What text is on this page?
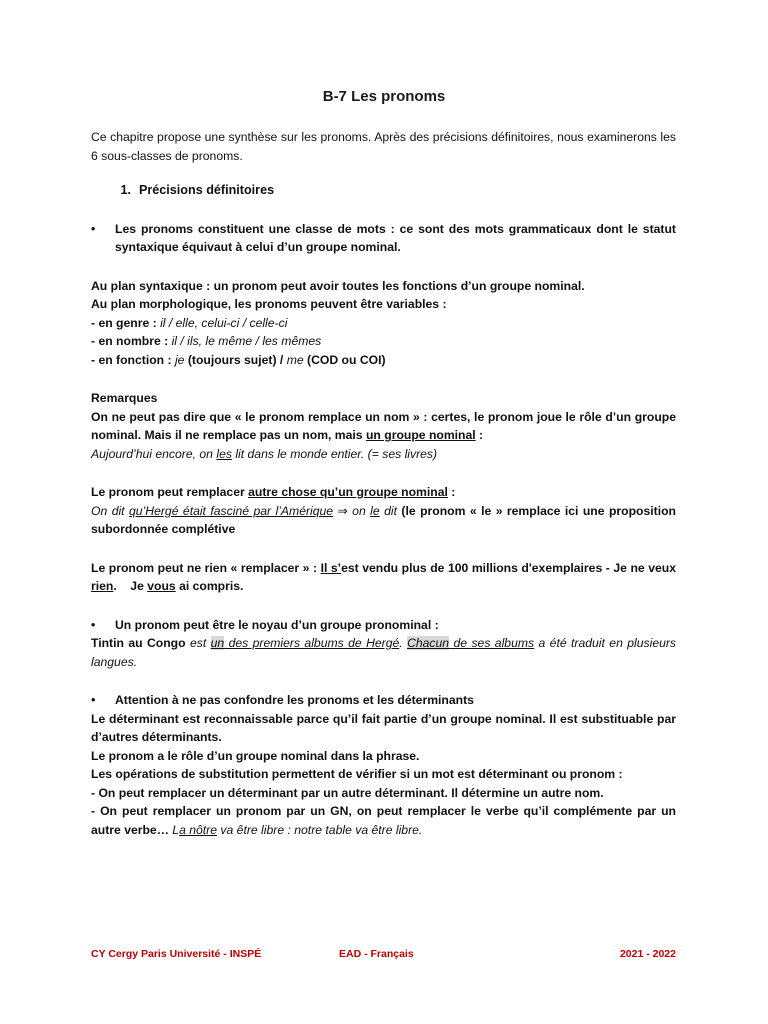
B-7 Les pronoms

Ce chapitre propose une synthèse sur les pronoms. Après des précisions définitoires, nous examinerons les 6 sous-classes de pronoms.

1. Précisions définitoires
•	Les pronoms constituent une classe de mots : ce sont des mots grammaticaux dont le statut syntaxique équivaut à celui d’un groupe nominal.

Au plan syntaxique : un pronom peut avoir toutes les fonctions d’un groupe nominal.

Au plan morphologique, les pronoms peuvent être variables :

- en genre : il / elle, celui-ci / celle-ci

- en nombre : il / ils, le même / les mêmes

- en fonction : je (toujours sujet) / me (COD ou COI)

Remarques

On ne peut pas dire que « le pronom remplace un nom » : certes, le pronom joue le rôle d’un groupe nominal. Mais il ne remplace pas un nom, mais un groupe nominal :

Aujourd’hui encore, on les lit dans le monde entier. (= ses livres)

Le pronom peut remplacer autre chose qu’un groupe nominal :

On dit qu’Hergé était fasciné par l’Amérique ⇒ on le dit (le pronom « le » remplace ici une proposition subordonnée complétive

Le pronom peut ne rien « remplacer » : Il s’est vendu plus de 100 millions d'exemplaires - Je ne veux rien.    Je vous ai compris.

•	Un pronom peut être le noyau d’un groupe pronominal :

Tintin au Congo est un des premiers albums de Hergé. Chacun de ses albums a été traduit en plusieurs langues.

•	Attention à ne pas confondre les pronoms et les déterminants

Le déterminant est reconnaissable parce qu’il fait partie d’un groupe nominal. Il est substituable par d’autres déterminants.

Le pronom a le rôle d’un groupe nominal dans la phrase.

Les opérations de substitution permettent de vérifier si un mot est déterminant ou pronom :

- On peut remplacer un déterminant par un autre déterminant. Il détermine un autre nom.

- On peut remplacer un pronom par un GN, on peut remplacer le verbe qu’il complémente par un autre verbe… La nôtre va être libre : notre table va être libre.

CY Cergy Paris Université - INSPÉ	EAD - Français	2021 - 2022
